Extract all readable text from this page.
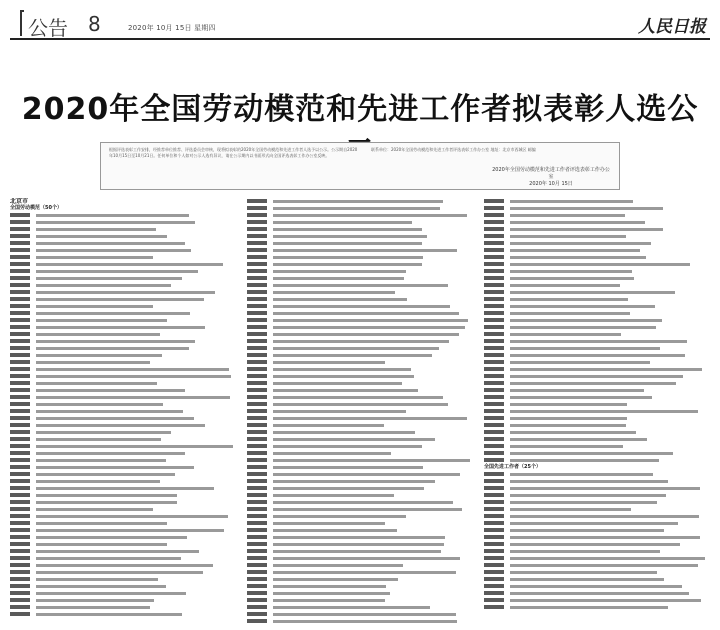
公告 8	2020年 10月 15日 星期四	人民日报
2020年全国劳动模范和先进工作者拟表彰人选公

根据评选表彰工作安排，经推荐单位推荐、评选委员会审核，现将拟表彰的2020年全国劳动模范和先进工作者人选予以公示。公示期自2020年10月15日至10月21日。任何单位和个人如对公示人选有异议，请在公示期内以书面形式向全国评选表彰工作办公室反映。

联系单位：2020年全国劳动模范和先进工作者评选表彰工作办公室 地址：北京市西城区 邮编

2020年全国劳动模范和先进工作者评选表彰工作办公室
2020年 10月 15日
北京市
全国劳动模范（50个）
全国先进工作者（25个）
